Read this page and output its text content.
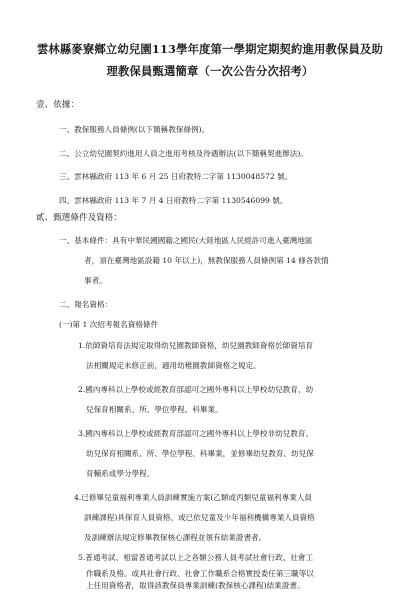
雲林縣麥寮鄉立幼兒園113學年度第一學期定期契約進用教保員及助
理教保員甄選簡章（一次公告分次招考）

壹、依據：

一、教保服務人員條例(以下簡稱教保條例)。

二、公立幼兒園契約進用人員之進用考核及待遇辦法(以下簡稱契進辦法)。

三、雲林縣政府 113 年 6 月 25 日府教特二字第 1130048572 號。

四、雲林縣政府 113 年 7 月 4 日府教特二字第 1130546099 號。

貳、甄選條件及資格：

一、基本條件：具有中華民國國籍之國民(大陸地區人民經許可進入臺灣地區

者，須在臺灣地區設籍 10 年以上)，無教保服務人員條例第 14 條各款情

事者。

二、報名資格：

(一)第 1 次招考報名資格條件

1.依師資培育法規定取得幼兒園教師資格，幼兒園教師資格於師資培育

法相關規定未修正前，適用幼稚園教師資格之規定。

2.國內專科以上學校或經教育部認可之國外專科以上學校幼兒教育、幼

兒保育相關系、所、學位學程、科畢業。

3.國內專科以上學校或經教育部認可之國外專科以上學校非幼兒教育、

幼兒保育相關系、所、學位學程、科畢業，並修畢幼兒教育、幼兒保

育輔系或學分學程。

4.已修畢兒童福利專業人員訓練實施方案(乙類或丙類兒童福利專業人員

訓練課程)具保育人員資格、或已依兒童及少年福利機構專業人員資格

及訓練辦法規定修畢教保核心課程並領有結業證書者。

5.普通考試、相當普通考試以上之各類公務人員考試社會行政、社會工

作職系及格。或具社會行政、社會工作職系合格實授委任第三職等以

上任用資格者，取得該教保員專業訓練(教保核心課程)結業證書。
